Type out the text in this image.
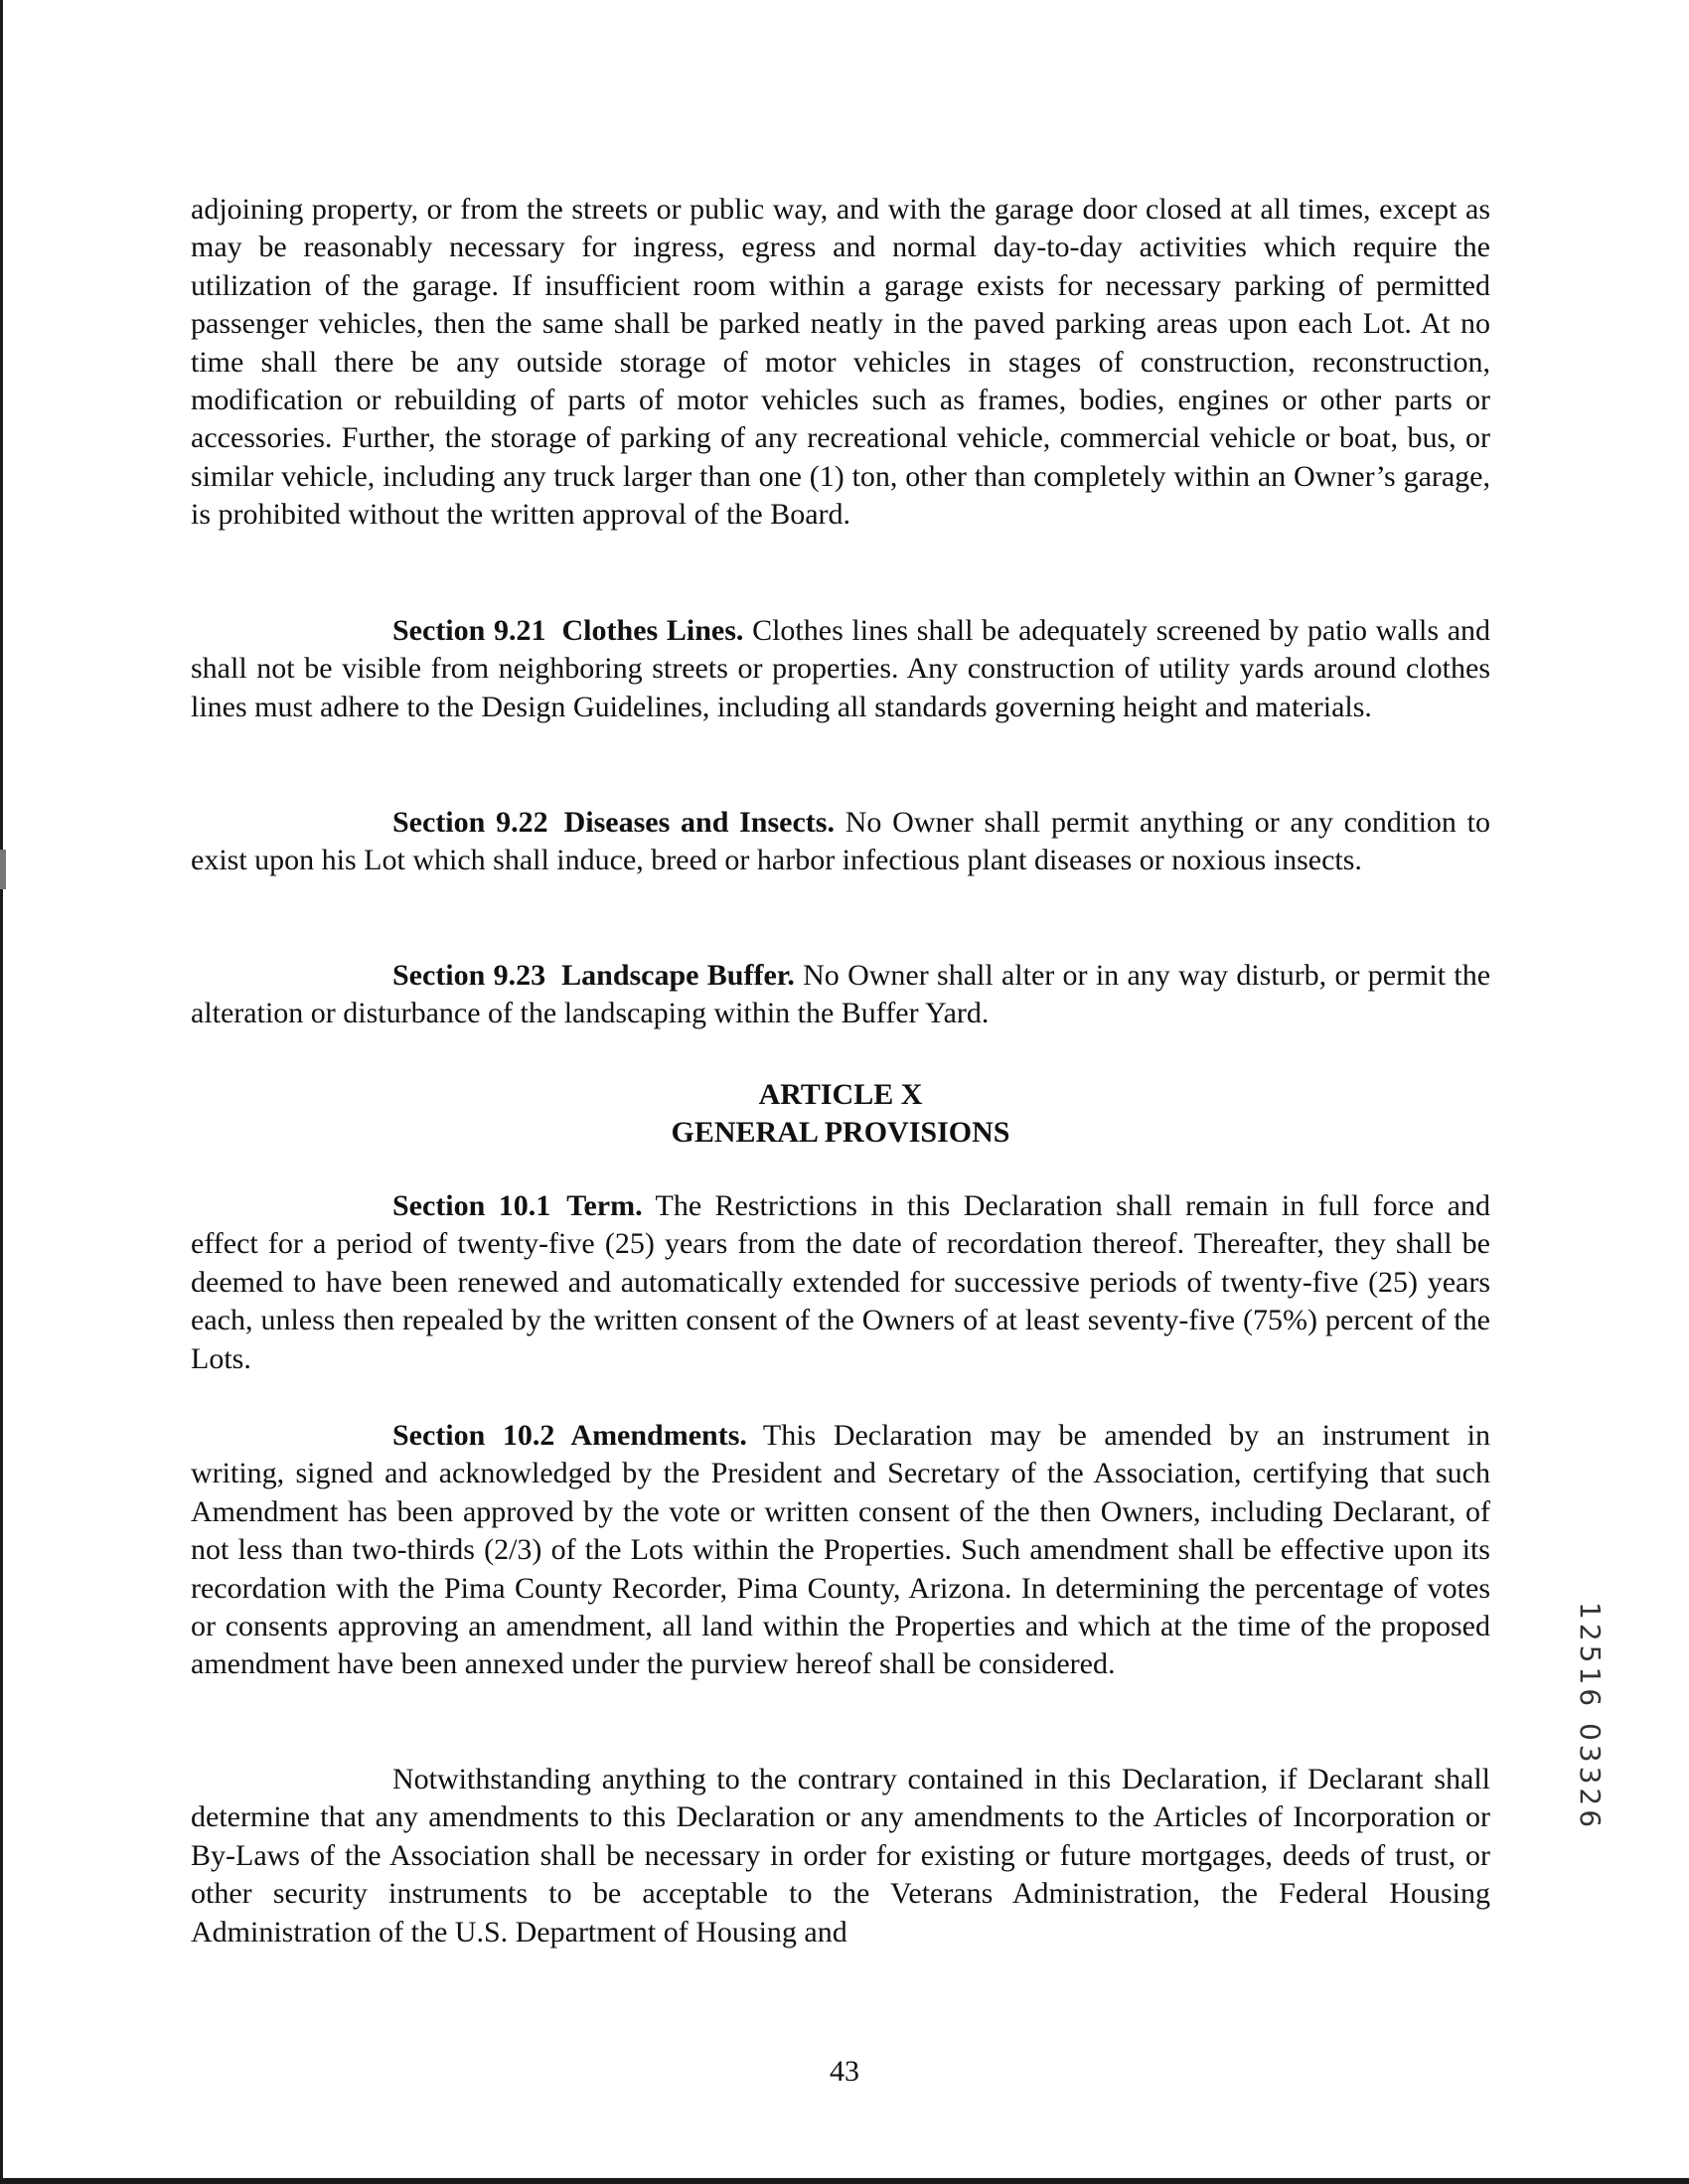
adjoining property, or from the streets or public way, and with the garage door closed at all times, except as may be reasonably necessary for ingress, egress and normal day-to-day activities which require the utilization of the garage. If insufficient room within a garage exists for necessary parking of permitted passenger vehicles, then the same shall be parked neatly in the paved parking areas upon each Lot. At no time shall there be any outside storage of motor vehicles in stages of construction, reconstruction, modification or rebuilding of parts of motor vehicles such as frames, bodies, engines or other parts or accessories. Further, the storage of parking of any recreational vehicle, commercial vehicle or boat, bus, or similar vehicle, including any truck larger than one (1) ton, other than completely within an Owner’s garage, is prohibited without the written approval of the Board.

Section 9.21 Clothes Lines. Clothes lines shall be adequately screened by patio walls and shall not be visible from neighboring streets or properties. Any construction of utility yards around clothes lines must adhere to the Design Guidelines, including all standards governing height and materials.

Section 9.22 Diseases and Insects. No Owner shall permit anything or any condition to exist upon his Lot which shall induce, breed or harbor infectious plant diseases or noxious insects.

Section 9.23 Landscape Buffer. No Owner shall alter or in any way disturb, or permit the alteration or disturbance of the landscaping within the Buffer Yard.

ARTICLE X

GENERAL PROVISIONS

Section 10.1 Term. The Restrictions in this Declaration shall remain in full force and effect for a period of twenty-five (25) years from the date of recordation thereof. Thereafter, they shall be deemed to have been renewed and automatically extended for successive periods of twenty-five (25) years each, unless then repealed by the written consent of the Owners of at least seventy-five (75%) percent of the Lots.

Section 10.2 Amendments. This Declaration may be amended by an instrument in writing, signed and acknowledged by the President and Secretary of the Association, certifying that such Amendment has been approved by the vote or written consent of the then Owners, including Declarant, of not less than two-thirds (2/3) of the Lots within the Properties. Such amendment shall be effective upon its recordation with the Pima County Recorder, Pima County, Arizona. In determining the percentage of votes or consents approving an amendment, all land within the Properties and which at the time of the proposed amendment have been annexed under the purview hereof shall be considered.

Notwithstanding anything to the contrary contained in this Declaration, if Declarant shall determine that any amendments to this Declaration or any amendments to the Articles of Incorporation or By-Laws of the Association shall be necessary in order for existing or future mortgages, deeds of trust, or other security instruments to be acceptable to the Veterans Administration, the Federal Housing Administration of the U.S. Department of Housing and

12516 03326

43
